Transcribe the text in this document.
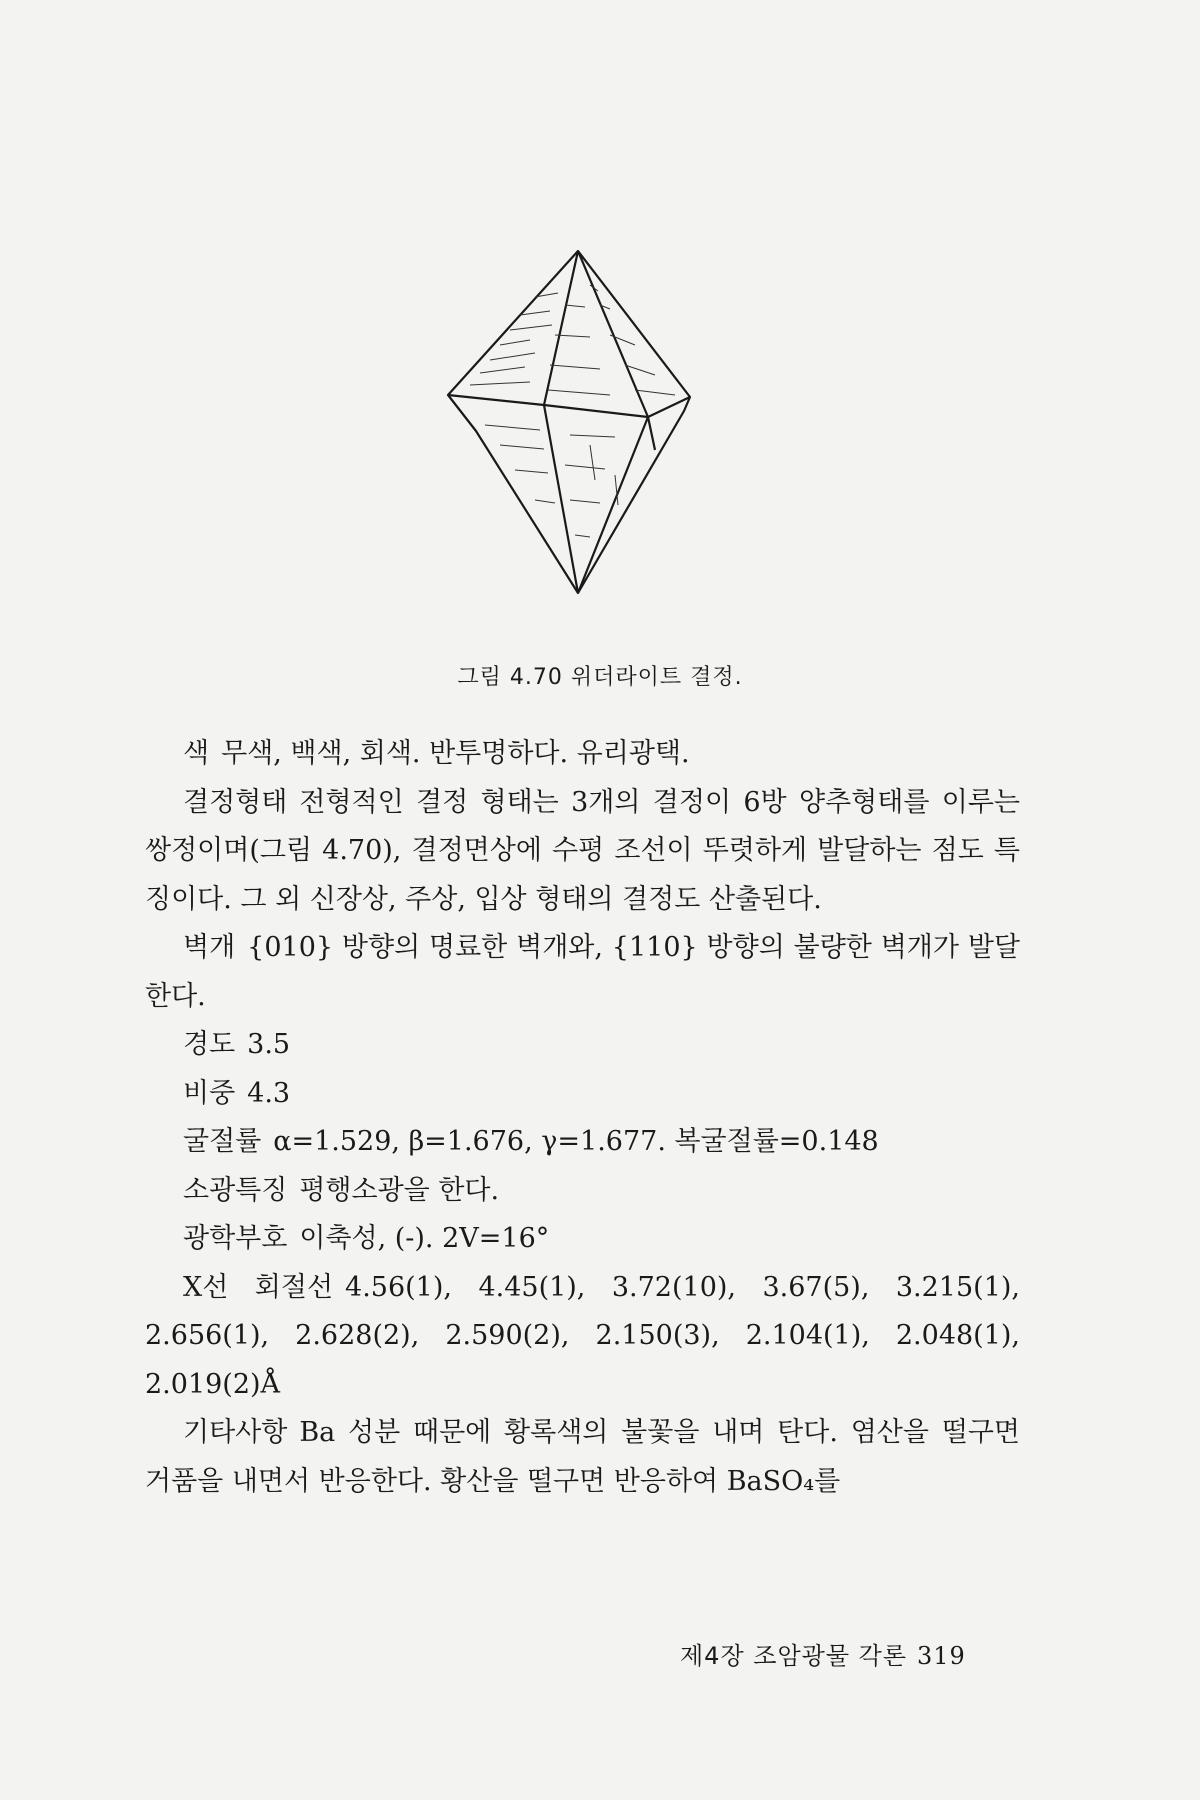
그림 4.70 위더라이트 결정.

색 무색, 백색, 회색. 반투명하다. 유리광택.

결정형태 전형적인 결정 형태는 3개의 결정이 6방 양추형태를 이루는 쌍정이며(그림 4.70), 결정면상에 수평 조선이 뚜렷하게 발달하는 점도 특징이다. 그 외 신장상, 주상, 입상 형태의 결정도 산출된다.

벽개 {010} 방향의 명료한 벽개와, {110} 방향의 불량한 벽개가 발달한다.

경도 3.5

비중 4.3

굴절률 α=1.529, β=1.676, γ=1.677. 복굴절률=0.148

소광특징 평행소광을 한다.

광학부호 이축성, (-). 2V=16°

X선 회절선 4.56(1), 4.45(1), 3.72(10), 3.67(5), 3.215(1), 2.656(1), 2.628(2), 2.590(2), 2.150(3), 2.104(1), 2.048(1), 2.019(2)Å

기타사항 Ba 성분 때문에 황록색의 불꽃을 내며 탄다. 염산을 떨구면 거품을 내면서 반응한다. 황산을 떨구면 반응하여 BaSO₄를

제4장 조암광물 각론 319
